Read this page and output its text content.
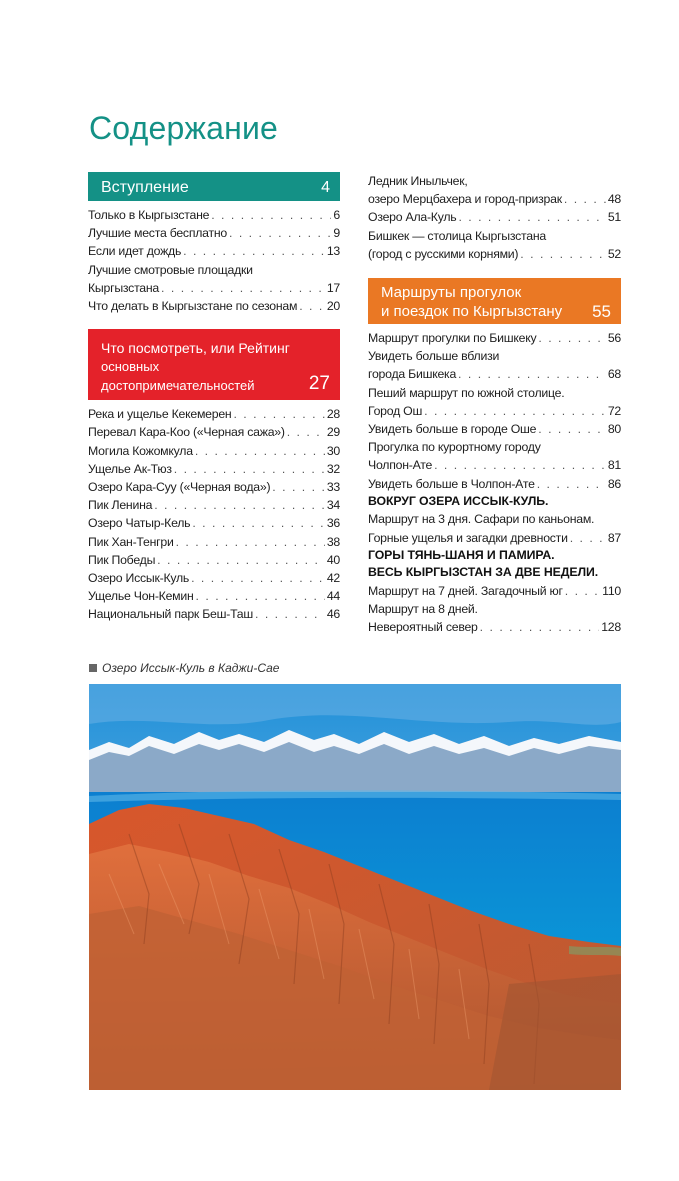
Содержание
Вступление	4
Только в Кыргызстане . . .	6
Лучшие места бесплатно . . .	9
Если идет дождь . . .	13
Лучшие смотровые площадки
Кыргызстана . . .	17
Что делать в Кыргызстане по сезонам . . . 20
Что посмотреть, или Рейтинг
основных
достопримечательностей	27
Река и ущелье Кекемерен . . .	28
Перевал Кара-Коо («Черная сажа») . . .	29
Могила Кожомкула . . .	30
Ущелье Ак-Тюз . . .	32
Озеро Кара-Суу («Черная вода») . . .	33
Пик Ленина . . .	34
Озеро Чатыр-Кель . . .	36
Пик Хан-Тенгри . . .	38
Пик Победы . . .	40
Озеро Иссык-Куль . . .	42
Ущелье Чон-Кемин . . .	44
Национальный парк Беш-Таш . . .	46
Ледник Иныльчек,
озеро Мерцбахера и город-призрак . . .	48
Озеро Ала-Куль . . .	51
Бишкек — столица Кыргызстана
(город с русскими корнями) . . .	52
Маршруты прогулок
и поездок по Кыргызстану 55
Маршрут прогулки по Бишкеку . . .	56
Увидеть больше вблизи
города Бишкека . . .	68
Пеший маршрут по южной столице.
Город Ош . . .	72
Увидеть больше в городе Оше . . .	80
Прогулка по курортному городу
Чолпон-Ате . . .	81
Увидеть больше в Чолпон-Ате . . .	86
ВОКРУГ ОЗЕРА ИССЫК-КУЛЬ.
Маршрут на 3 дня. Сафари по каньонам.
Горные ущелья и загадки древности . . .	87
ГОРЫ ТЯНЬ-ШАНЯ И ПАМИРА.
ВЕСЬ КЫРГЫЗСТАН ЗА ДВЕ НЕДЕЛИ.
Маршрут на 7 дней. Загадочный юг . . .	110
Маршрут на 8 дней.
Невероятный север . . .	128
Озеро Иссык-Куль в Каджи-Сае
